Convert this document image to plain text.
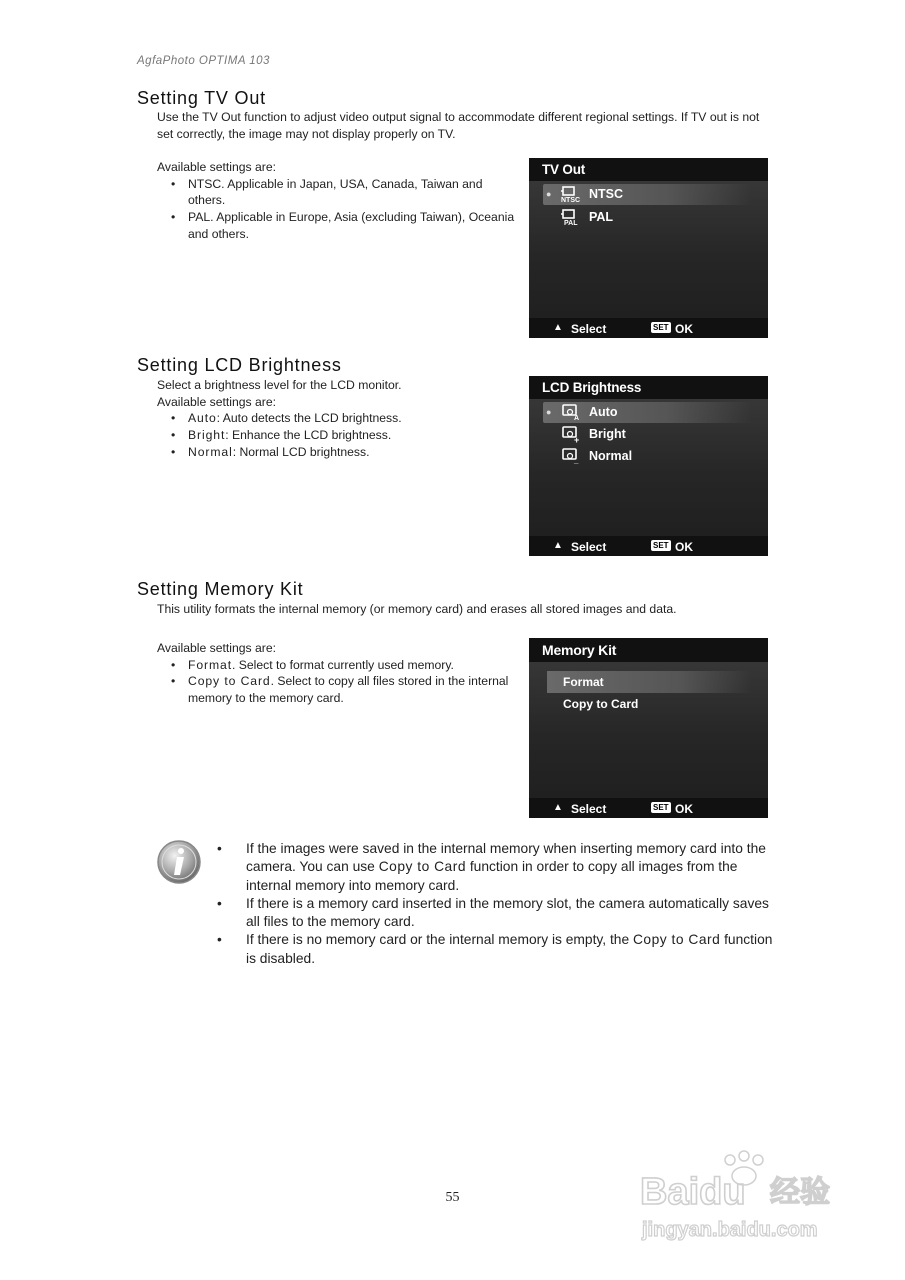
AgfaPhoto OPTIMA 103
Setting TV Out

Use the TV Out function to adjust video output signal to accommodate different regional settings. If TV out is not set correctly, the image may not display properly on TV.

Available settings are:

• NTSC. Applicable in Japan, USA, Canada, Taiwan and others.
• PAL. Applicable in Europe, Asia (excluding Taiwan), Oceania and others.
TV Out
●
NTSC NTSC
PAL PAL
▲ Select	SET OK
Setting LCD Brightness

Select a brightness level for the LCD monitor.

Available settings are:

• Auto: Auto detects the LCD brightness.
• Bright: Enhance the LCD brightness.
• Normal: Normal LCD brightness.
LCD Brightness
●
A Auto
+ Bright
_ Normal
▲ Select	SET OK
Setting Memory Kit

This utility formats the internal memory (or memory card) and erases all stored images and data.

Available settings are:

• Format. Select to format currently used memory.
• Copy to Card. Select to copy all files stored in the internal memory to the memory card.
Memory Kit
Format
Copy to Card
▲ Select	SET OK
• If the images were saved in the internal memory when inserting memory card into the camera. You can use Copy to Card function in order to copy all images from the internal memory into memory card.
• If there is a memory card inserted in the memory slot, the camera automatically saves all files to the memory card.
• If there is no memory card or the internal memory is empty, the Copy to Card function is disabled.
55	Baidu 经验
jingyan.baidu.com
